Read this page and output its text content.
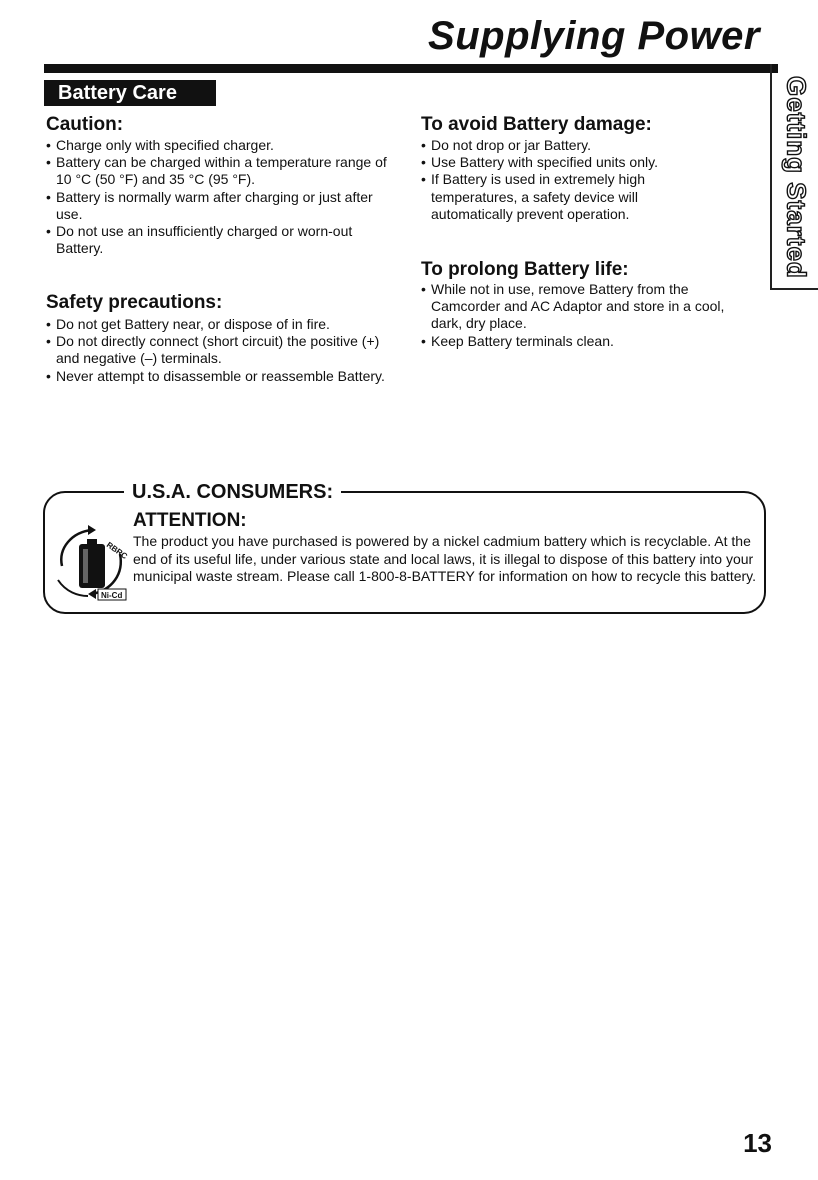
Supplying Power
Getting Started
Battery Care
Caution:
• Charge only with specified charger.
• Battery can be charged within a temperature range of 10 °C (50 °F) and 35 °C (95 °F).
• Battery is normally warm after charging or just after use.
• Do not use an insufficiently charged or worn-out Battery.
Safety precautions:
• Do not get Battery near, or dispose of in fire.
• Do not directly connect (short circuit) the positive (+) and negative (–) terminals.
• Never attempt to disassemble or reassemble Battery.
To avoid Battery damage:
• Do not drop or jar Battery.
• Use Battery with specified units only.
• If Battery is used in extremely high temperatures, a safety device will automatically prevent operation.
To prolong Battery life:
• While not in use, remove Battery from the Camcorder and AC Adaptor and store in a cool, dark, dry place.
• Keep Battery terminals clean.
U.S.A. CONSUMERS:
ATTENTION:

The product you have purchased is powered by a nickel cadmium battery which is recyclable. At the end of its useful life, under various state and local laws, it is illegal to dispose of this battery into your municipal waste stream. Please call 1-800-8-BATTERY for information on how to recycle this battery.

RBRC
Ni-Cd
13
